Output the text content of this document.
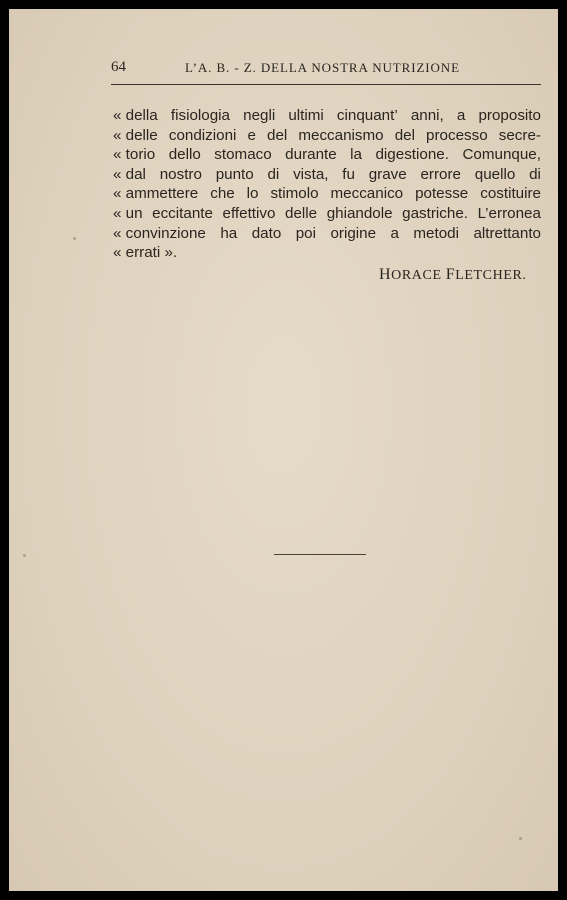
64	L’A. B. - Z. DELLA NOSTRA NUTRIZIONE
« della fisiologia negli ultimi cinquant’ anni, a proposito
« delle condizioni e del meccanismo del processo secre-
« torio dello stomaco durante la digestione. Comunque,
« dal nostro punto di vista, fu grave errore quello di
« ammettere che lo stimolo meccanico potesse costituire
« un eccitante effettivo delle ghiandole gastriche. L’erronea
« convinzione ha dato poi origine a metodi altrettanto
« errati ».
HORACE FLETCHER.
